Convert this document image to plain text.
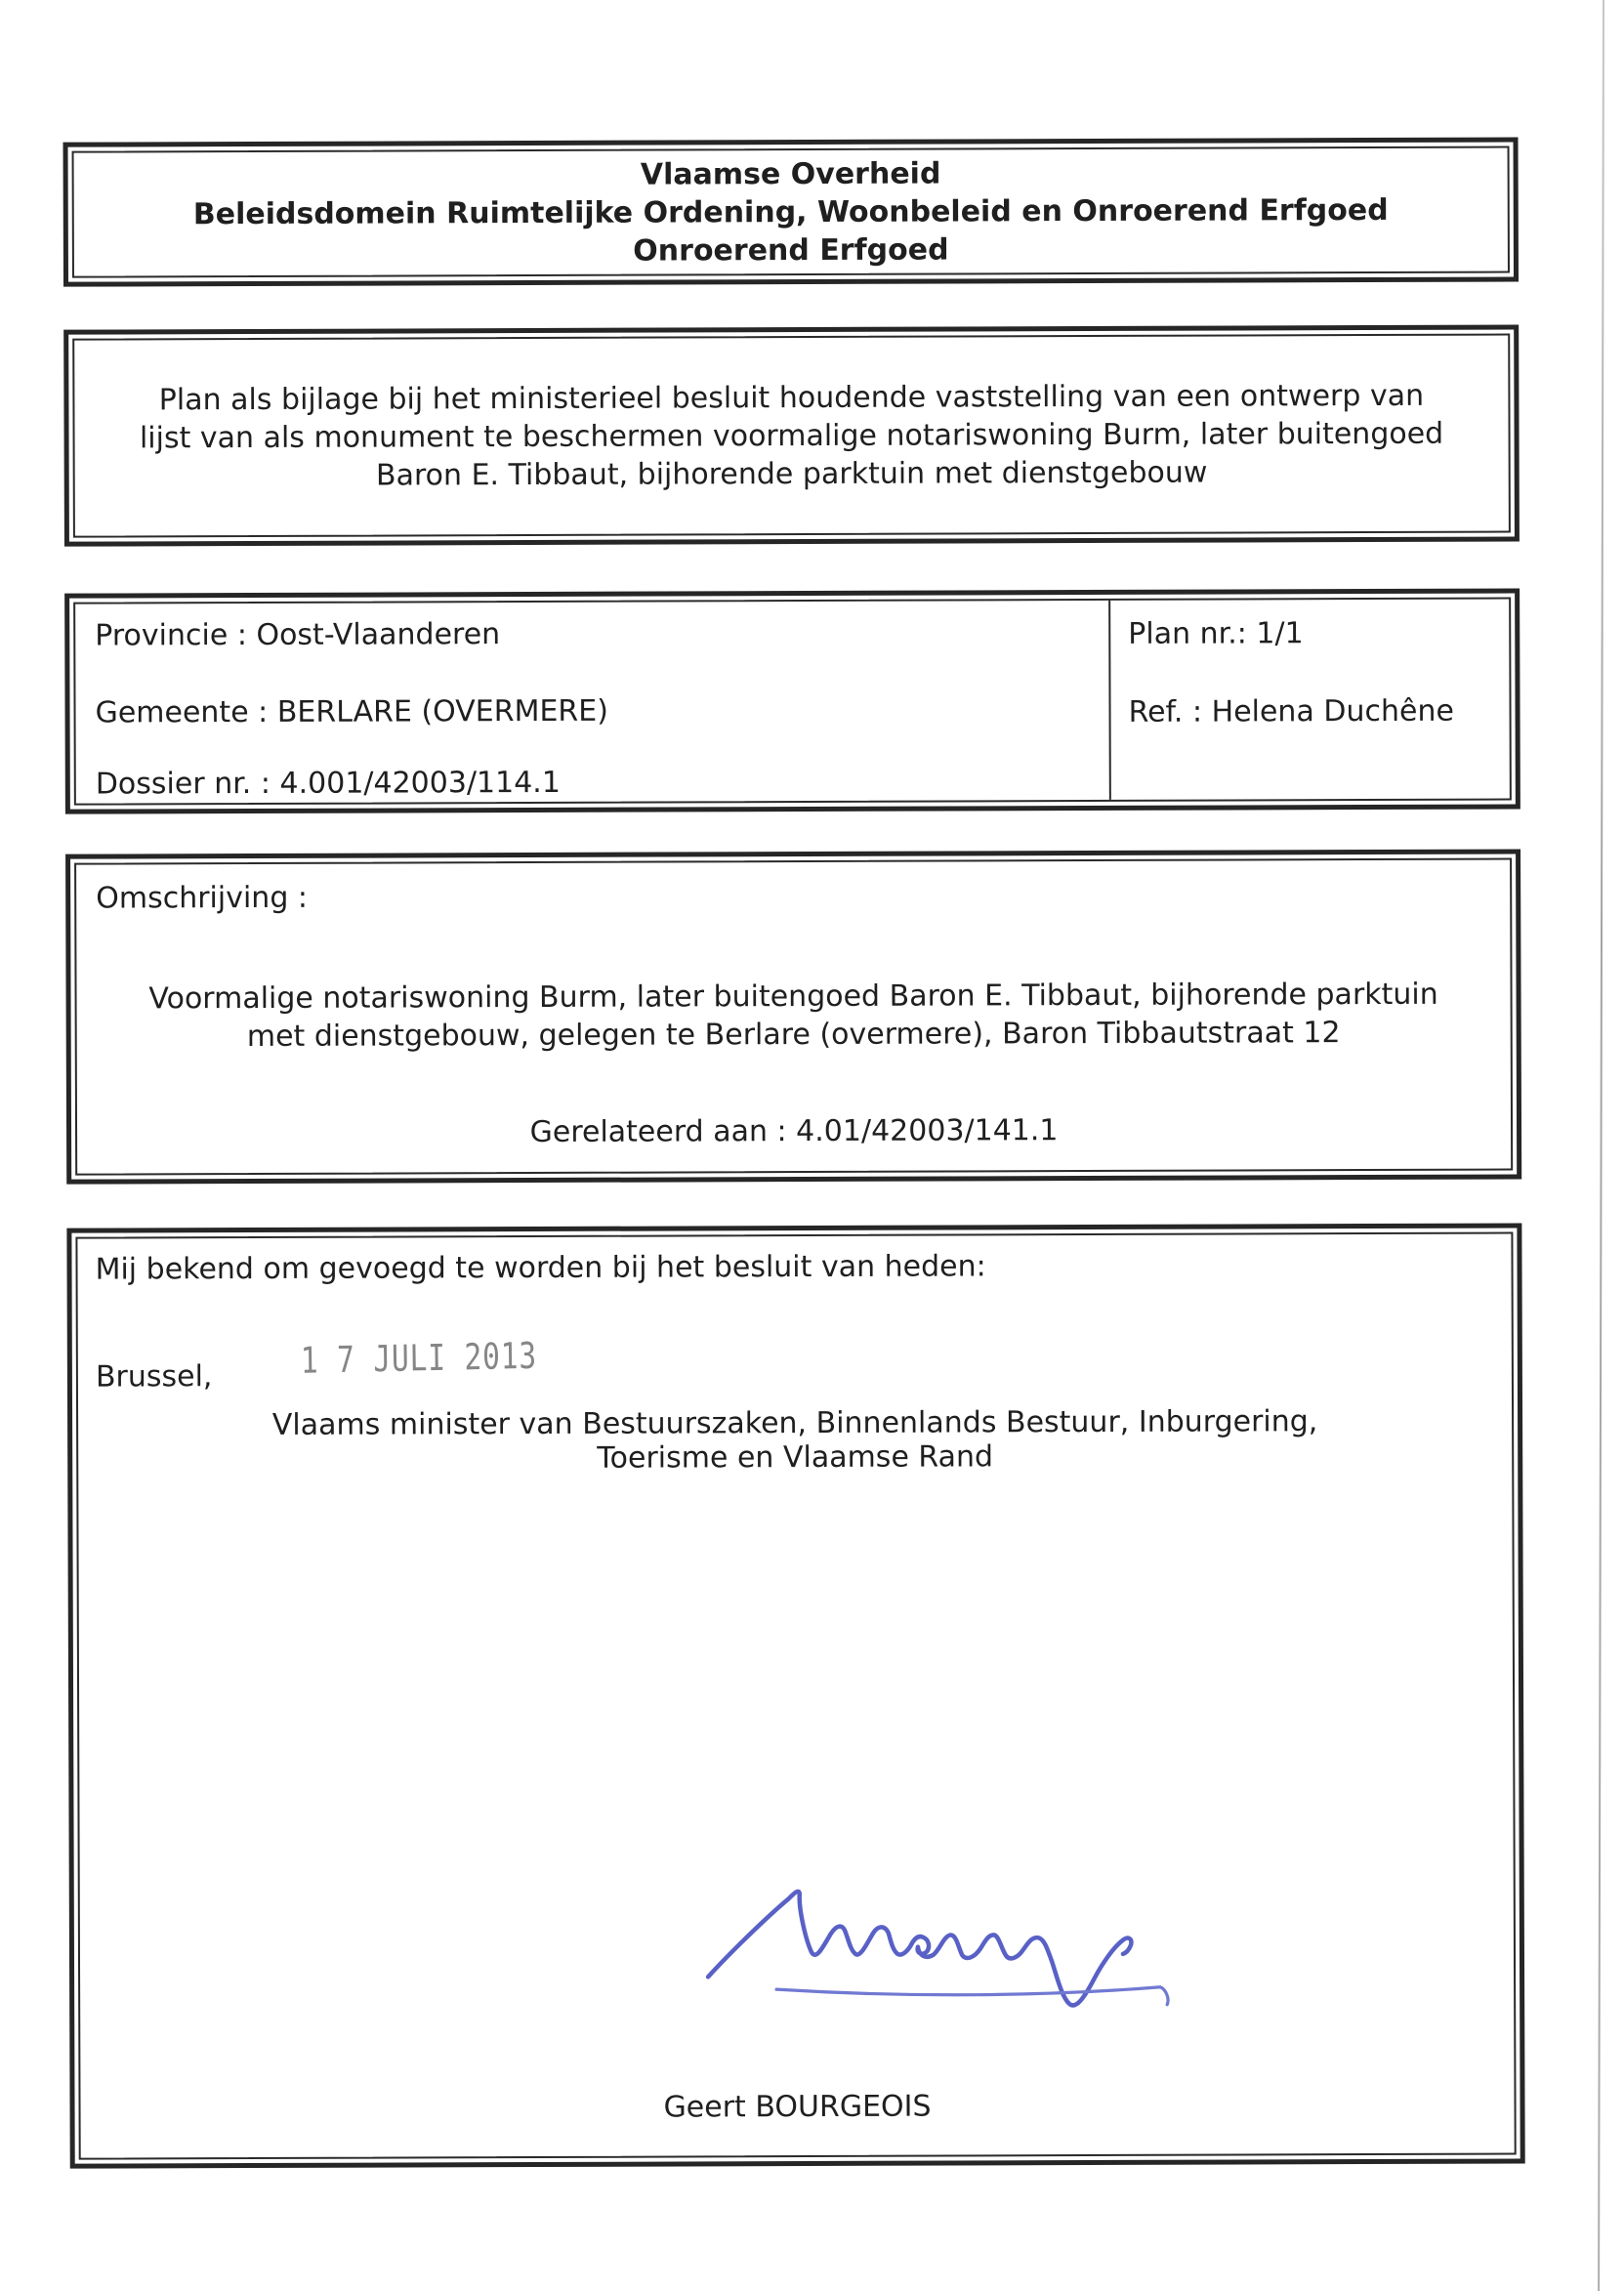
Vlaamse Overheid
Beleidsdomein Ruimtelijke Ordening, Woonbeleid en Onroerend Erfgoed
Onroerend Erfgoed
Plan als bijlage bij het ministerieel besluit houdende vaststelling van een ontwerp van
lijst van als monument te beschermen voormalige notariswoning Burm, later buitengoed
Baron E. Tibbaut, bijhorende parktuin met dienstgebouw
Provincie : Oost-Vlaanderen
Gemeente : BERLARE (OVERMERE)
Dossier nr. : 4.001/42003/114.1
Plan nr.: 1/1
Ref. : Helena Duchêne
Omschrijving :
Voormalige notariswoning Burm, later buitengoed Baron E. Tibbaut, bijhorende parktuin
met dienstgebouw, gelegen te Berlare (overmere), Baron Tibbautstraat 12
Gerelateerd aan : 4.01/42003/141.1
Mij bekend om gevoegd te worden bij het besluit van heden:
Brussel, 1 7 JULI 2013
Vlaams minister van Bestuurszaken, Binnenlands Bestuur, Inburgering,
Toerisme en Vlaamse Rand
Geert BOURGEOIS
